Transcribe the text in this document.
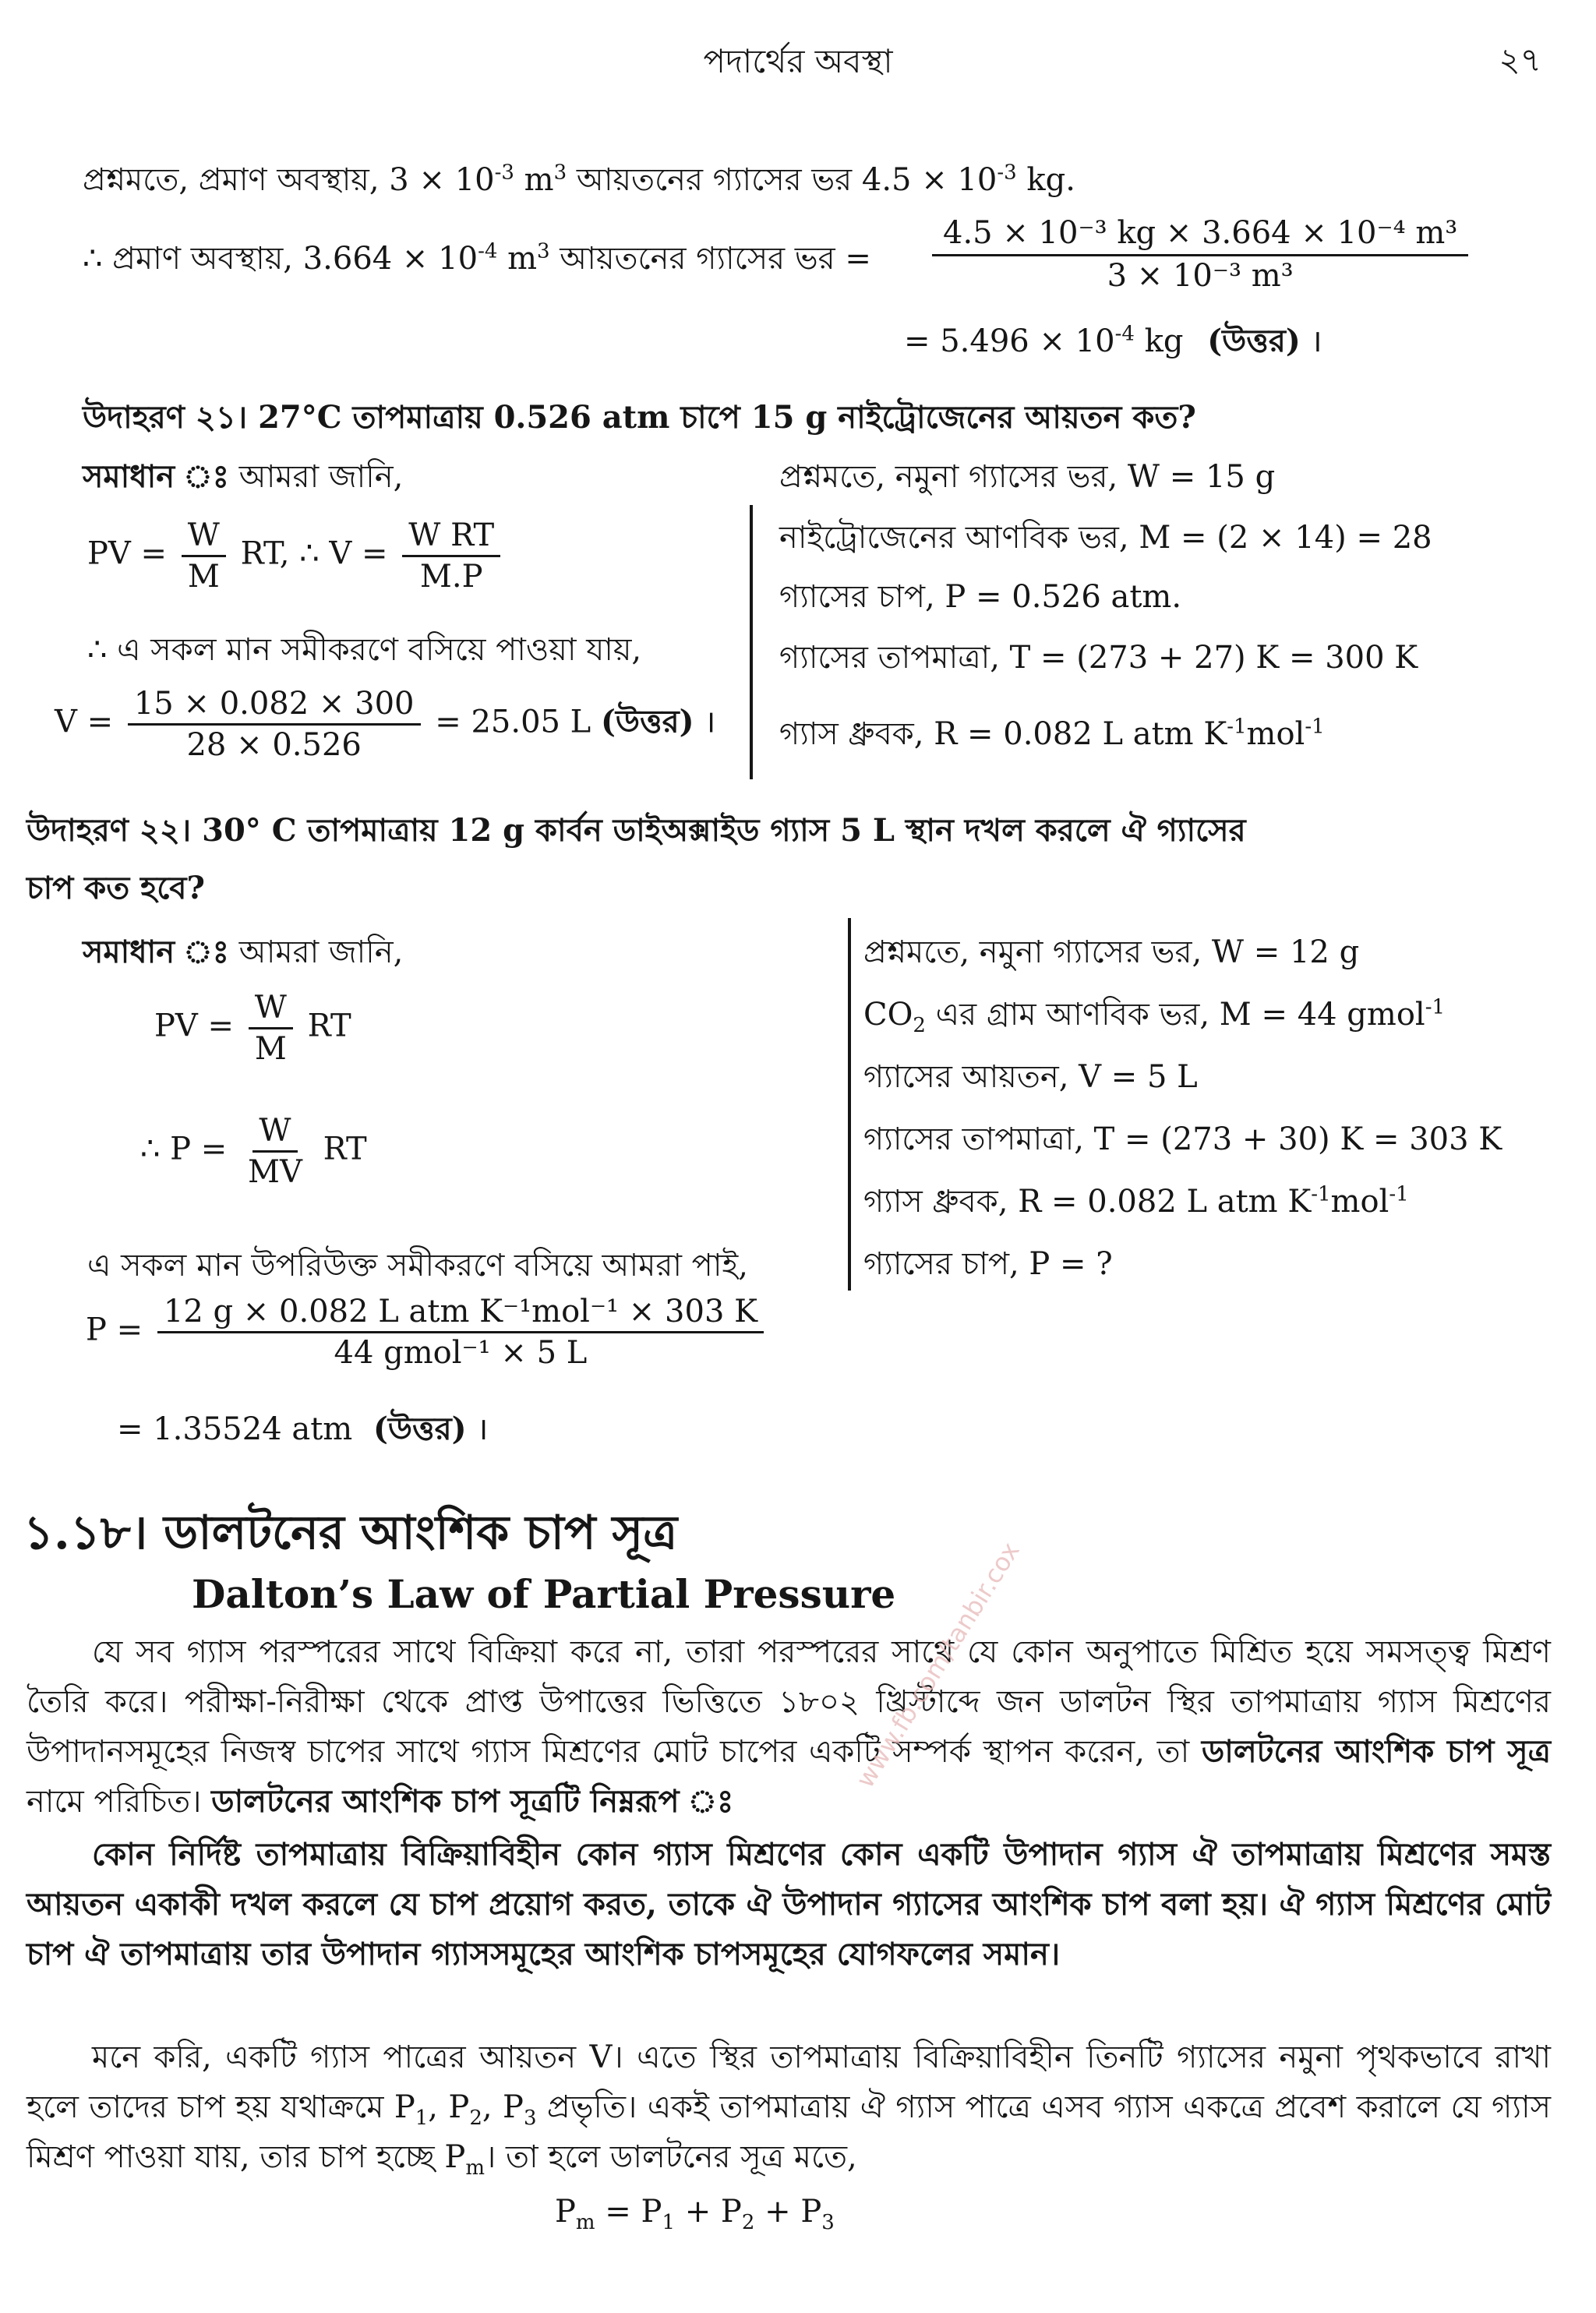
পদার্থের অবস্থা	২৭
প্রশ্নমতে, প্রমাণ অবস্থায়, $3 \times 10^{-3}$ $m^3$ আয়তনের গ্যাসের ভর $4.5 \times 10^{-3}$ kg.
∴ প্রমাণ অবস্থায়, $3.664 \times 10^{-4}$ $m^3$ আয়তনের গ্যাসের ভর = $\frac{\text{4.5 × 10⁻³ kg × 3.664 × 10⁻⁴ m³}}{\text{3 × 10⁻³ m³}}$
= $5.496 \times 10^{-4}$ kg (উত্তর) ।
উদাহরণ ২১। 27°C তাপমাত্রায় 0.526 atm চাপে 15 g নাইট্রোজেনের আয়তন কত?
সমাধান ঃ আমরা জানি,
PV = $\frac{W}{M}$ RT, ∴ $V = \frac{\text{W RT}}{M.P}$
∴ এ সকল মান সমীকরণে বসিয়ে পাওয়া যায়,
$V = \frac{15 \times 0.082 \times 300}{28 \times 0.526} = 25.05$ L (উত্তর) ।
প্রশ্নমতে, নমুনা গ্যাসের ভর, W = 15 g
নাইট্রোজেনের আণবিক ভর, M = (2 × 14) = 28
গ্যাসের চাপ, P = 0.526 atm.
গ্যাসের তাপমাত্রা, T = (273 + 27) K = 300 K
গ্যাস ধ্রুবক, R = 0.082 L atm $K^{-1}mol^{-1}$
উদাহরণ ২২। 30° C তাপমাত্রায় 12 g কার্বন ডাইঅক্সাইড গ্যাস 5 L স্থান দখল করলে ঐ গ্যাসের
চাপ কত হবে?
সমাধান ঃ আমরা জানি,
PV = $\frac{W}{M}$ RT
∴ $P = \frac{W}{MV}$ RT
এ সকল মান উপরিউক্ত সমীকরণে বসিয়ে আমরা পাই,
$P = \frac{\text{12 g × 0.082 L atm K⁻¹mol⁻¹ × 303 K}}{\text{44 gmol⁻¹ × 5 L}}$
= 1.35524 atm (উত্তর) ।
প্রশ্নমতে, নমুনা গ্যাসের ভর, W = 12 g
$CO_2$ এর গ্রাম আণবিক ভর, M = 44 gmol$^{-1}$
গ্যাসের আয়তন, V = 5 L
গ্যাসের তাপমাত্রা, T = (273 + 30) K = 303 K
গ্যাস ধ্রুবক, R = 0.082 L atm $K^{-1}mol^{-1}$
গ্যাসের চাপ, P = ?
১.১৮। ডালটনের আংশিক চাপ সূত্র
Dalton’s Law of Partial Pressure

যে সব গ্যাস পরস্পরের সাথে বিক্রিয়া করে না, তারা পরস্পরের সাথে যে কোন অনুপাতে মিশ্রিত হয়ে সমসত্ত্ব মিশ্রণ তৈরি করে। পরীক্ষা-নিরীক্ষা থেকে প্রাপ্ত উপাত্তের ভিত্তিতে ১৮০২ খ্রিস্টাব্দে জন ডালটন স্থির তাপমাত্রায় গ্যাস মিশ্রণের উপাদানসমূহের নিজস্ব চাপের সাথে গ্যাস মিশ্রণের মোট চাপের একটি সম্পর্ক স্থাপন করেন, তা ডালটনের আংশিক চাপ সূত্র নামে পরিচিত। ডালটনের আংশিক চাপ সূত্রটি নিম্নরূপ ঃ

কোন নির্দিষ্ট তাপমাত্রায় বিক্রিয়াবিহীন কোন গ্যাস মিশ্রণের কোন একটি উপাদান গ্যাস ঐ তাপমাত্রায় মিশ্রণের সমস্ত আয়তন একাকী দখল করলে যে চাপ প্রয়োগ করত, তাকে ঐ উপাদান গ্যাসের আংশিক চাপ বলা হয়। ঐ গ্যাস মিশ্রণের মোট চাপ ঐ তাপমাত্রায় তার উপাদান গ্যাসসমূহের আংশিক চাপসমূহের যোগফলের সমান।

মনে করি, একটি গ্যাস পাত্রের আয়তন V। এতে স্থির তাপমাত্রায় বিক্রিয়াবিহীন তিনটি গ্যাসের নমুনা পৃথকভাবে রাখা হলে তাদের চাপ হয় যথাক্রমে $P_1$, $P_2$, $P_3$ প্রভৃতি। একই তাপমাত্রায় ঐ গ্যাস পাত্রে এসব গ্যাস একত্রে প্রবেশ করালে যে গ্যাস মিশ্রণ পাওয়া যায়, তার চাপ হচ্ছে $P_m।$ তা হলে ডালটনের সূত্র মতে,

$P_m = P_1 + P_2 + P_3$
www.fb.com/tanbir.cox
